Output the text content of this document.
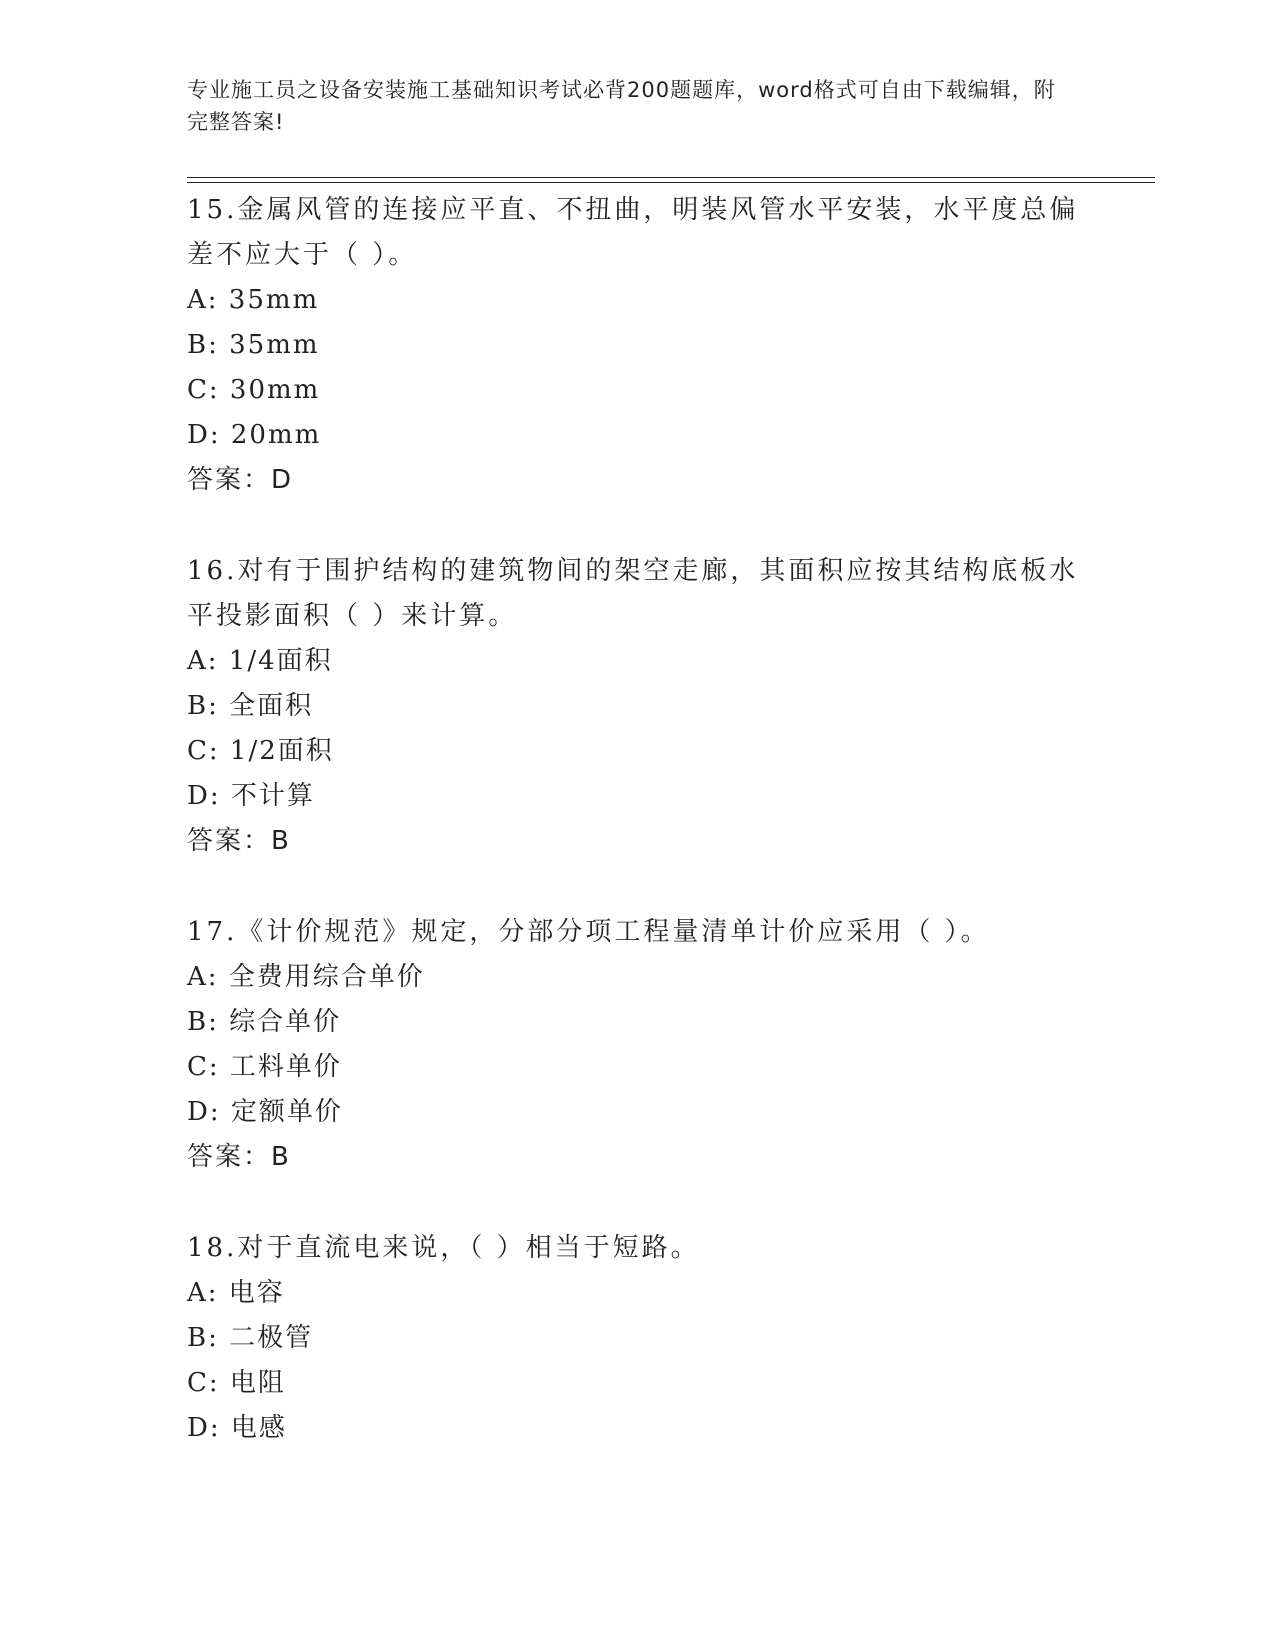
专业施工员之设备安装施工基础知识考试必背200题题库，word格式可自由下载编辑，附完整答案!

15.金属风管的连接应平直、不扭曲，明装风管水平安装，水平度总偏差不应大于（ ）。

A: 35mm

B: 35mm

C: 30mm

D: 20mm

答案：D

16.对有于围护结构的建筑物间的架空走廊，其面积应按其结构底板水平投影面积（ ）来计算。

A: 1/4面积

B: 全面积

C: 1/2面积

D: 不计算

答案：B

17.《计价规范》规定，分部分项工程量清单计价应采用（ ）。

A: 全费用综合单价

B: 综合单价

C: 工料单价

D: 定额单价

答案：B

18.对于直流电来说，（ ）相当于短路。

A: 电容

B: 二极管

C: 电阻

D: 电感
